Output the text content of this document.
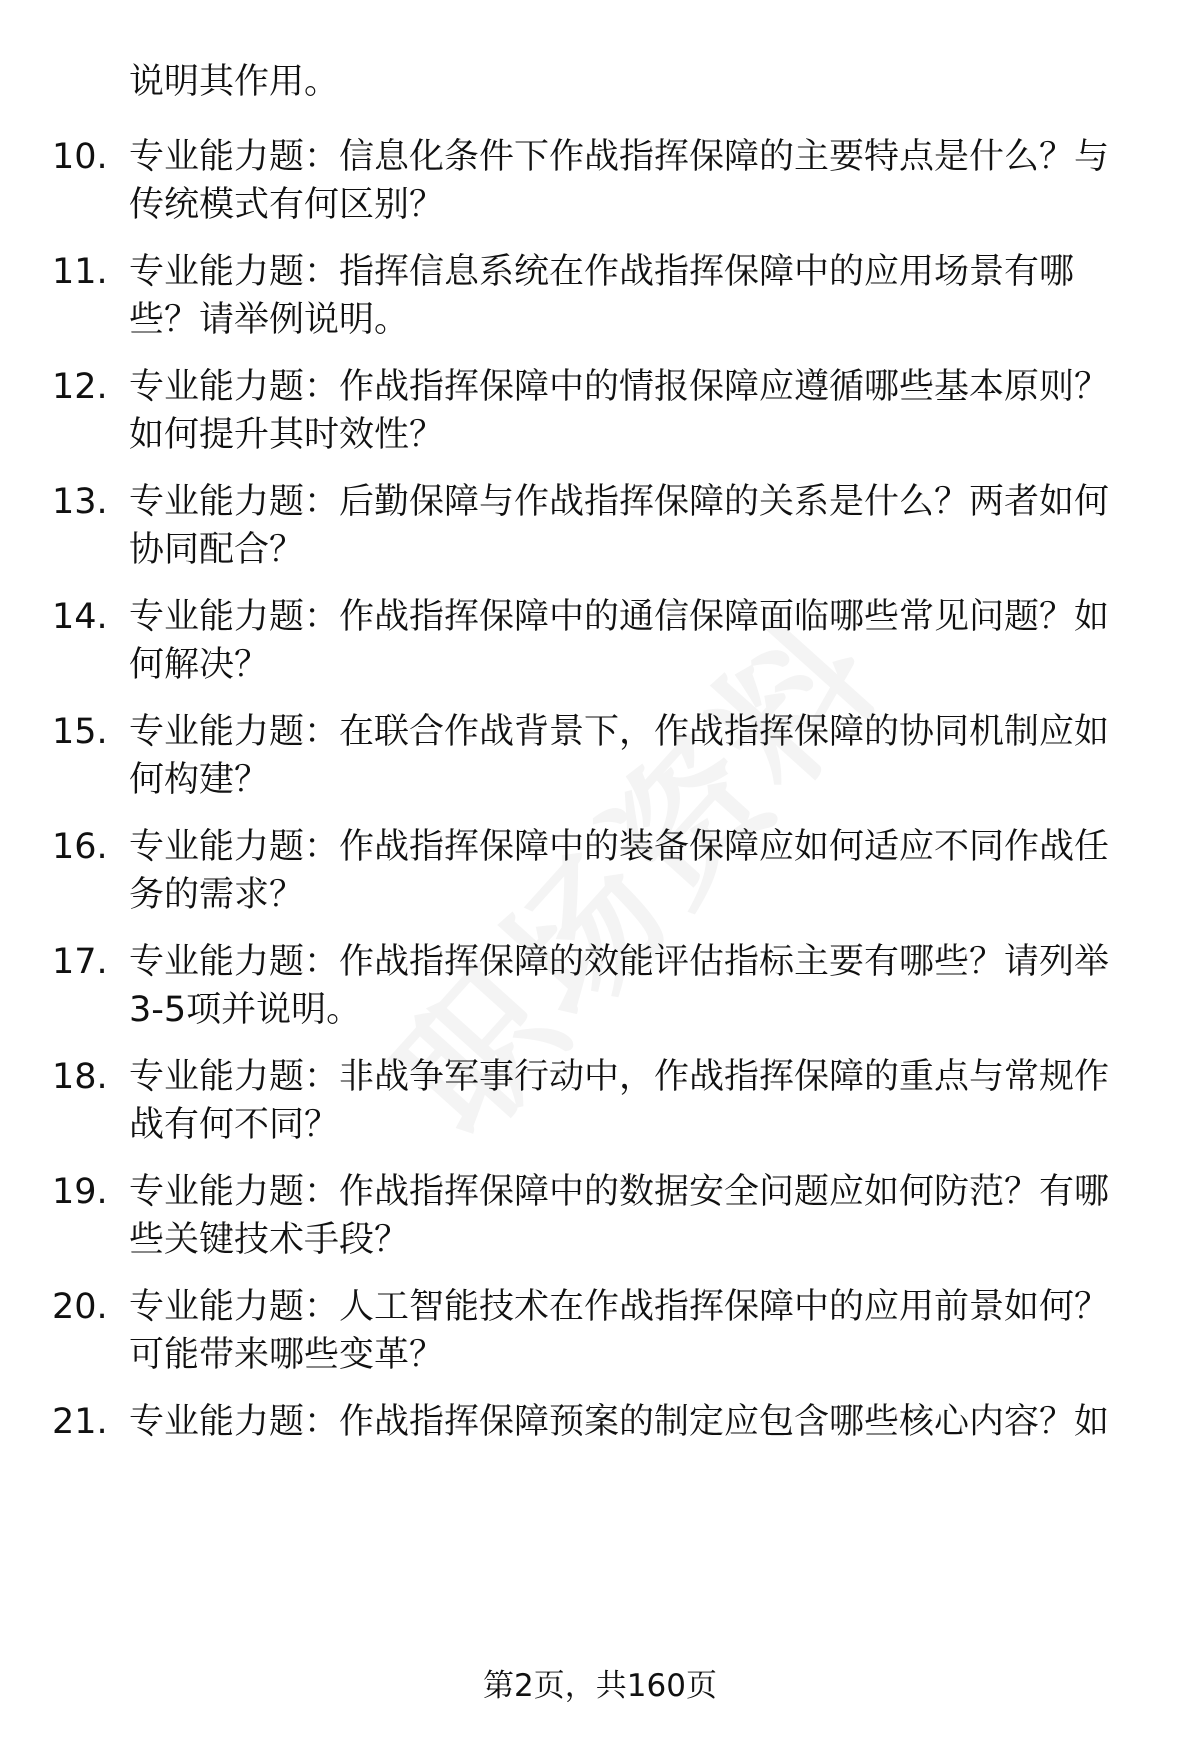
说明其作用。
10. 专业能力题：信息化条件下作战指挥保障的主要特点是什么？与
传统模式有何区别？
11. 专业能力题：指挥信息系统在作战指挥保障中的应用场景有哪
些？请举例说明。
12. 专业能力题：作战指挥保障中的情报保障应遵循哪些基本原则？
如何提升其时效性？
13. 专业能力题：后勤保障与作战指挥保障的关系是什么？两者如何
协同配合？
14. 专业能力题：作战指挥保障中的通信保障面临哪些常见问题？如
何解决？
15. 专业能力题：在联合作战背景下，作战指挥保障的协同机制应如
何构建？
16. 专业能力题：作战指挥保障中的装备保障应如何适应不同作战任
务的需求？
17. 专业能力题：作战指挥保障的效能评估指标主要有哪些？请列举
3-5项并说明。
18. 专业能力题：非战争军事行动中，作战指挥保障的重点与常规作
战有何不同？
19. 专业能力题：作战指挥保障中的数据安全问题应如何防范？有哪
些关键技术手段？
20. 专业能力题：人工智能技术在作战指挥保障中的应用前景如何？
可能带来哪些变革？
21. 专业能力题：作战指挥保障预案的制定应包含哪些核心内容？如
第2页，共160页
